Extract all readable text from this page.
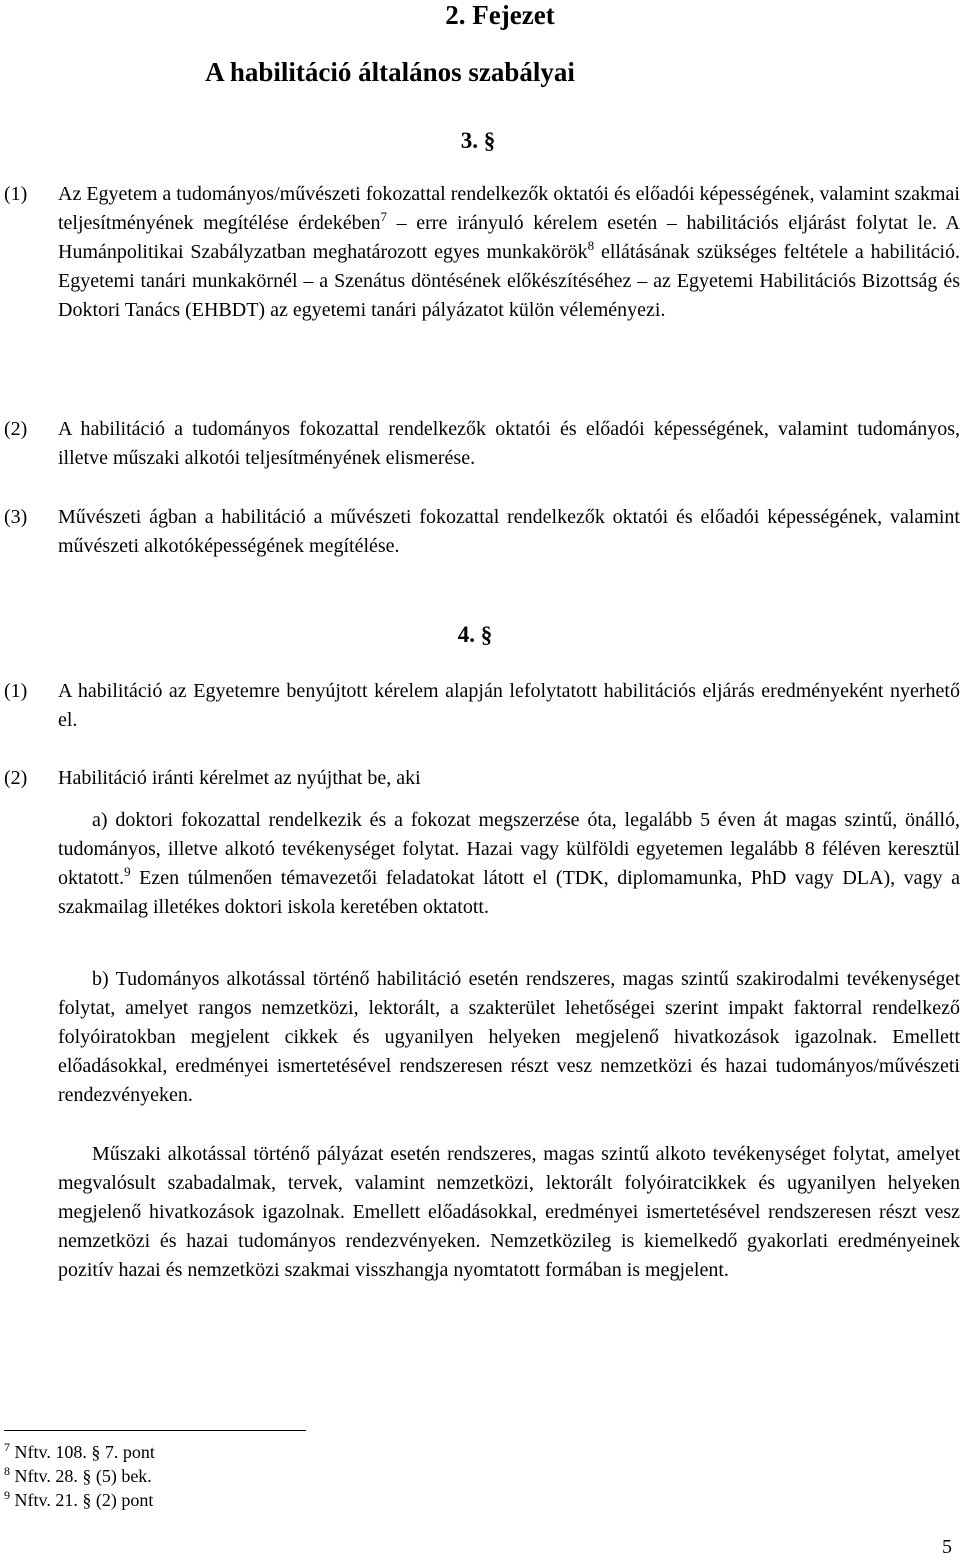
2. Fejezet
A habilitáció általános szabályai
3. §
(1) Az Egyetem a tudományos/művészeti fokozattal rendelkezők oktatói és előadói képességének, valamint szakmai teljesítményének megítélése érdekében$^7$ – erre irányuló kérelem esetén – habilitációs eljárást folytat le. A Humánpolitikai Szabályzatban meghatározott egyes munkakörök$^8$ ellátásának szükséges feltétele a habilitáció. Egyetemi tanári munkakörnél – a Szenátus döntésének előkészítéséhez – az Egyetemi Habilitációs Bizottság és Doktori Tanács (EHBDT) az egyetemi tanári pályázatot külön véleményezi.
(2) A habilitáció a tudományos fokozattal rendelkezők oktatói és előadói képességének, valamint tudományos, illetve műszaki alkotói teljesítményének elismerése.
(3) Művészeti ágban a habilitáció a művészeti fokozattal rendelkezők oktatói és előadói képességének, valamint művészeti alkotóképességének megítélése.
4. §
(1) A habilitáció az Egyetemre benyújtott kérelem alapján lefolytatott habilitációs eljárás eredményeként nyerhető el.
(2) Habilitáció iránti kérelmet az nyújthat be, aki
a) doktori fokozattal rendelkezik és a fokozat megszerzése óta, legalább 5 éven át magas szintű, önálló, tudományos, illetve alkotó tevékenységet folytat. Hazai vagy külföldi egyetemen legalább 8 féléven keresztül oktatott.$^9$ Ezen túlmenően témavezetői feladatokat látott el (TDK, diplomamunka, PhD vagy DLA), vagy a szakmailag illetékes doktori iskola keretében oktatott.
b) Tudományos alkotással történő habilitáció esetén rendszeres, magas szintű szakirodalmi tevékenységet folytat, amelyet rangos nemzetközi, lektorált, a szakterület lehetőségei szerint impakt faktorral rendelkező folyóiratokban megjelent cikkek és ugyanilyen helyeken megjelenő hivatkozások igazolnak. Emellett előadásokkal, eredményei ismertetésével rendszeresen részt vesz nemzetközi és hazai tudományos/művészeti rendezvényeken.
Műszaki alkotással történő pályázat esetén rendszeres, magas szintű alkoto tevékenységet folytat, amelyet megvalósult szabadalmak, tervek, valamint nemzetközi, lektorált folyóiratcikkek és ugyanilyen helyeken megjelenő hivatkozások igazolnak. Emellett előadásokkal, eredményei ismertetésével rendszeresen részt vesz nemzetközi és hazai tudományos rendezvényeken. Nemzetközileg is kiemelkedő gyakorlati eredményeinek pozitív hazai és nemzetközi szakmai visszhangja nyomtatott formában is megjelent.
$^7$ Nftv. 108. § 7. pont
$^8$ Nftv. 28. § (5) bek.
$^9$ Nftv. 21. § (2) pont
5
